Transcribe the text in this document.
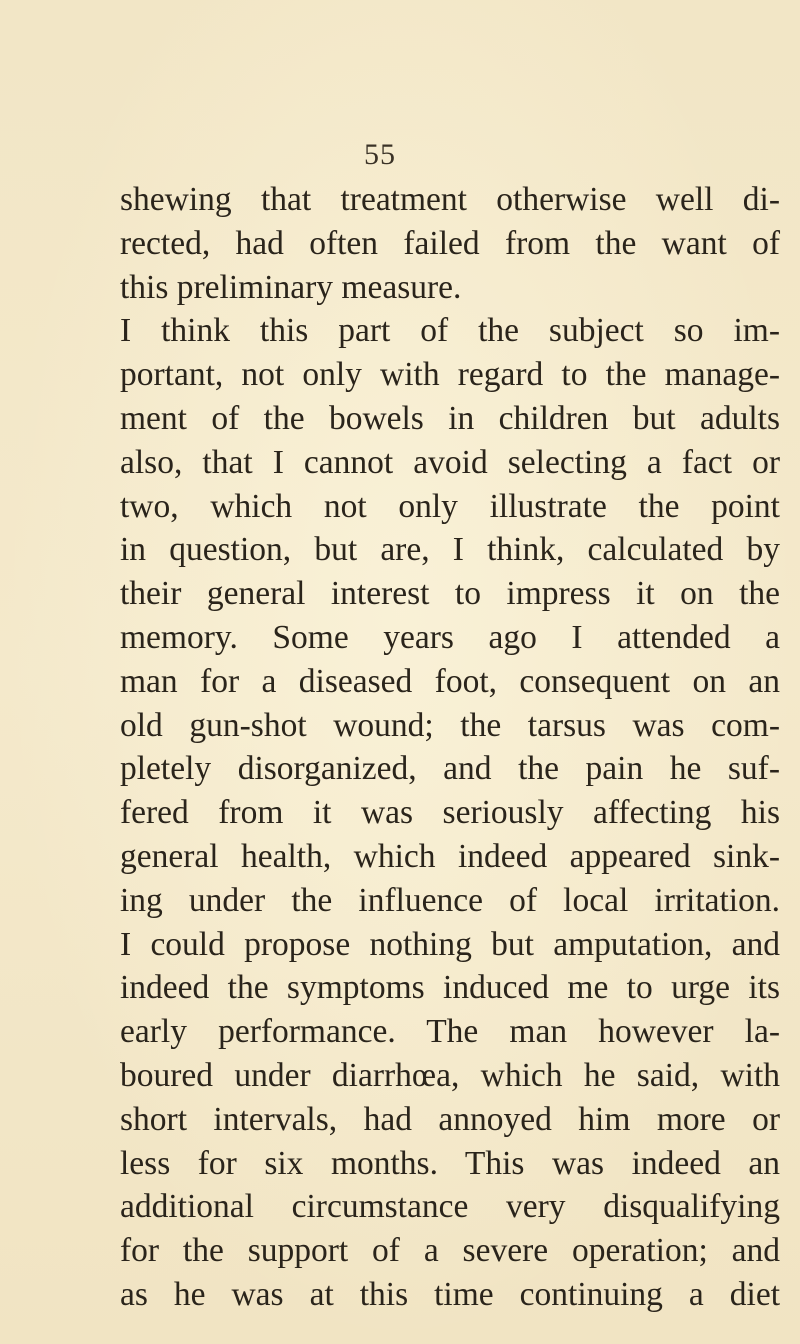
55
shewing that treatment otherwise well di-
rected, had often failed from the want of
this preliminary measure.
I think this part of the subject so im-
portant, not only with regard to the manage-
ment of the bowels in children but adults
also, that I cannot avoid selecting a fact or
two, which not only illustrate the point
in question, but are, I think, calculated by
their general interest to impress it on the
memory. Some years ago I attended a
man for a diseased foot, consequent on an
old gun-shot wound; the tarsus was com-
pletely disorganized, and the pain he suf-
fered from it was seriously affecting his
general health, which indeed appeared sink-
ing under the influence of local irritation.
I could propose nothing but amputation, and
indeed the symptoms induced me to urge its
early performance. The man however la-
boured under diarrhœa, which he said, with
short intervals, had annoyed him more or
less for six months. This was indeed an
additional circumstance very disqualifying
for the support of a severe operation; and
as he was at this time continuing a diet
